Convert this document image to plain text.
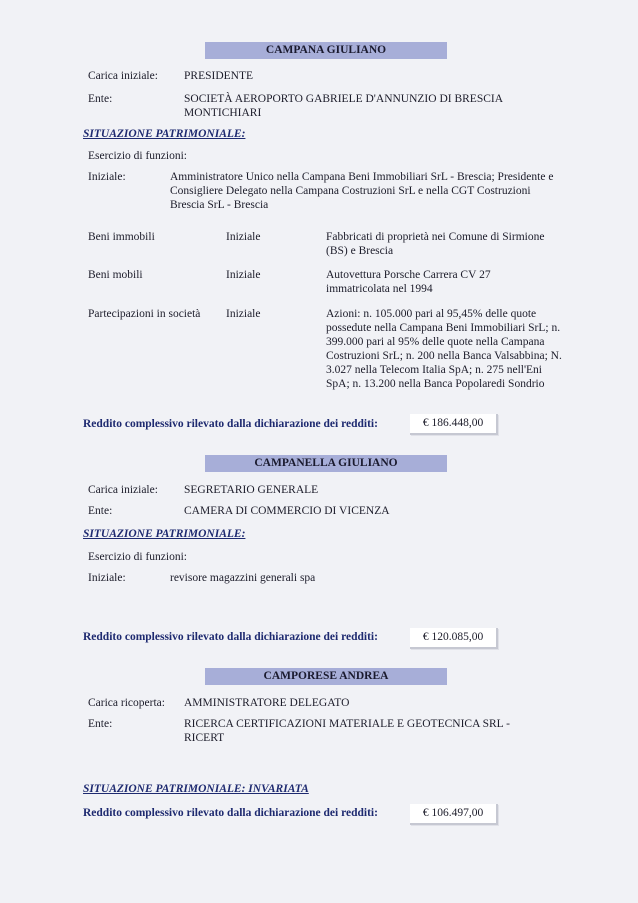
CAMPANA GIULIANO
Carica iniziale: PRESIDENTE
Ente:	SOCIETÀ AEROPORTO GABRIELE D'ANNUNZIO DI BRESCIA MONTICHIARI
SITUAZIONE PATRIMONIALE:
Esercizio di funzioni:
Iniziale:	Amministratore Unico nella Campana Beni Immobiliari SrL - Brescia; Presidente e Consigliere Delegato nella Campana Costruzioni SrL e nella CGT Costruzioni Brescia SrL - Brescia
Beni immobili	Iniziale	Fabbricati di proprietà nei Comune di Sirmione (BS) e Brescia
Beni mobili	Iniziale	Autovettura Porsche Carrera CV 27 immatricolata nel 1994
Partecipazioni in società Iniziale	Azioni: n. 105.000 pari al 95,45% delle quote possedute nella Campana Beni Immobiliari SrL; n. 399.000 pari al 95% delle quote nella Campana Costruzioni SrL; n. 200 nella Banca Valsabbina; N. 3.027 nella Telecom Italia SpA; n. 275 nell'Eni SpA; n. 13.200 nella Banca Popolaredi Sondrio
Reddito complessivo rilevato dalla dichiarazione dei redditi:	€ 186.448,00
CAMPANELLA GIULIANO
Carica iniziale: SEGRETARIO GENERALE
Ente:	CAMERA DI COMMERCIO DI VICENZA
SITUAZIONE PATRIMONIALE:
Esercizio di funzioni:
Iniziale:	revisore magazzini generali spa
Reddito complessivo rilevato dalla dichiarazione dei redditi:	€ 120.085,00
CAMPORESE ANDREA
Carica ricoperta: AMMINISTRATORE DELEGATO
Ente:	RICERCA CERTIFICAZIONI MATERIALE E GEOTECNICA SRL - RICERT
SITUAZIONE PATRIMONIALE: INVARIATA
Reddito complessivo rilevato dalla dichiarazione dei redditi:	€ 106.497,00
